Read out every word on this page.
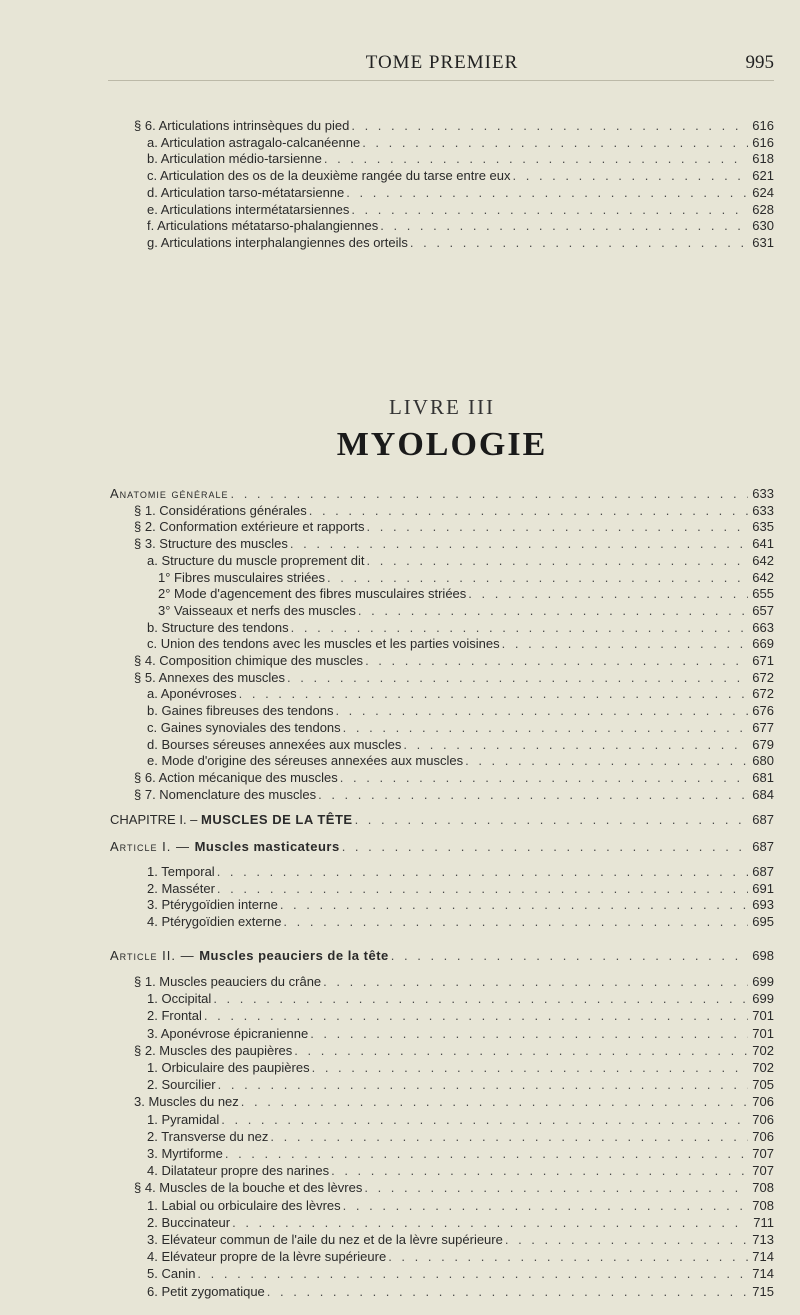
TOME PREMIER	995
LIVRE III
MYOLOGIE
§ 6. Articulations intrinsèques du pied . . .	616
a. Articulation astragalo-calcanéenne . . .	616
b. Articulation médio-tarsienne . . .	618
c. Articulation des os de la deuxième rangée du tarse entre eux . . .	621
d. Articulation tarso-métatarsienne . . .	624
e. Articulations intermétatarsiennes . . .	628
f. Articulations métatarso-phalangiennes . . .	630
g. Articulations interphalangiennes des orteils . . .	631
Anatomie générale . . .	633
§ 1. Considérations générales . . .	633
§ 2. Conformation extérieure et rapports . . .	635
§ 3. Structure des muscles . . .	641
a. Structure du muscle proprement dit . . .	642
1° Fibres musculaires striées . . .	642
2° Mode d'agencement des fibres musculaires striées . . .	655
3° Vaisseaux et nerfs des muscles . . .	657
b. Structure des tendons . . .	663
c. Union des tendons avec les muscles et les parties voisines . . .	669
§ 4. Composition chimique des muscles . . .	671
§ 5. Annexes des muscles . . .	672
a. Aponévroses . . .	672
b. Gaines fibreuses des tendons . . .	676
c. Gaines synoviales des tendons . . .	677
d. Bourses séreuses annexées aux muscles . . .	679
e. Mode d'origine des séreuses annexées aux muscles . . .	680
§ 6. Action mécanique des muscles . . .	681
§ 7. Nomenclature des muscles . . .	684
CHAPITRE I. – MUSCLES DE LA TÊTE . . .	687
Article I. — Muscles masticateurs . . .	687
1. Temporal . . .	687
2. Masséter . . .	691
3. Ptérygoïdien interne . . .	693
4. Ptérygoïdien externe . . .	695
Article II. — Muscles peauciers de la tête . . .	698
§ 1. Muscles peauciers du crâne . . .	699
1. Occipital . . .	699
2. Frontal . . .	701
3. Aponévrose épicranienne . . .	701
§ 2. Muscles des paupières . . .	702
1. Orbiculaire des paupières . . .	702
2. Sourcilier . . .	705
3. Muscles du nez . . .	706
1. Pyramidal . . .	706
2. Transverse du nez . . .	706
3. Myrtiforme . . .	707
4. Dilatateur propre des narines . . .	707
§ 4. Muscles de la bouche et des lèvres . . .	708
1. Labial ou orbiculaire des lèvres . . .	708
2. Buccinateur . . .	711
3. Elévateur commun de l'aile du nez et de la lèvre supérieure . . .	713
4. Elévateur propre de la lèvre supérieure . . .	714
5. Canin . . .	714
6. Petit zygomatique . . .	715
